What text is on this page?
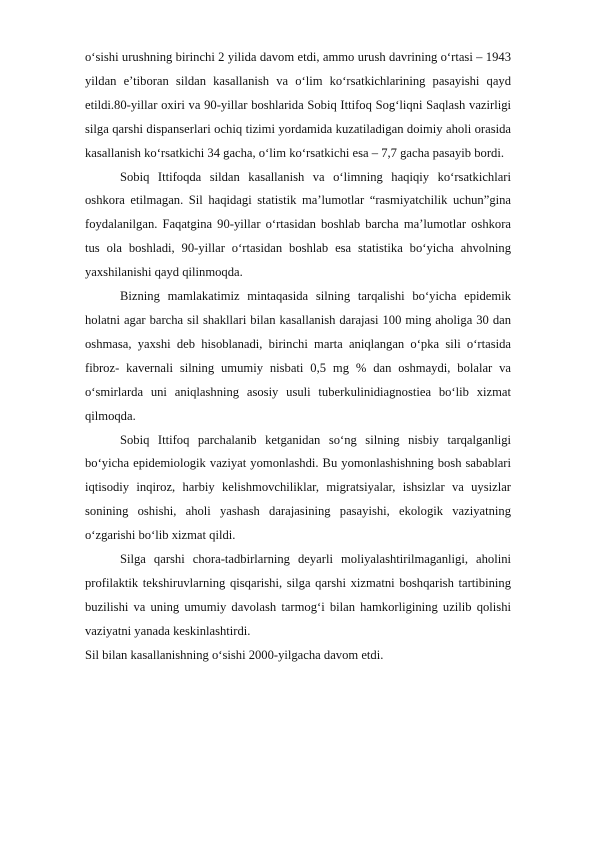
o‘sishi urushning birinchi 2 yilida davom etdi, ammo urush davrining o‘rtasi – 1943 yildan e’tiboran sildan kasallanish va o‘lim ko‘rsatkichlarining pasayishi qayd etildi.80-yillar oxiri va 90-yillar boshlarida Sobiq Ittifoq Sog‘liqni Saqlash vazirligi silga qarshi dispanserlari ochiq tizimi yordamida kuzatiladigan doimiy aholi orasida kasallanish ko‘rsatkichi 34 gacha, o‘lim ko‘rsatkichi esa – 7,7 gacha pasayib bordi.

Sobiq Ittifoqda sildan kasallanish va o‘limning haqiqiy ko‘rsatkichlari oshkora etilmagan. Sil haqidagi statistik ma’lumotlar “rasmiyatchilik uchun”gina foydalanilgan. Faqatgina 90-yillar o‘rtasidan boshlab barcha ma’lumotlar oshkora tus ola boshladi, 90-yillar o‘rtasidan boshlab esa statistika bo‘yicha ahvolning yaxshilanishi qayd qilinmoqda.

Bizning mamlakatimiz mintaqasida silning tarqalishi bo‘yicha epidemik holatni agar barcha sil shakllari bilan kasallanish darajasi 100 ming aholiga 30 dan oshmasa, yaxshi deb hisoblanadi, birinchi marta aniqlangan o‘pka sili o‘rtasida fibroz- kavernali silning umumiy nisbati 0,5 mg % dan oshmaydi, bolalar va o‘smirlarda uni aniqlashning asosiy usuli tuberkulinidiagnostiea bo‘lib xizmat qilmoqda.

Sobiq Ittifoq parchalanib ketganidan so‘ng silning nisbiy tarqalganligi bo‘yicha epidemiologik vaziyat yomonlashdi. Bu yomonlashishning bosh sabablari iqtisodiy inqiroz, harbiy kelishmovchiliklar, migratsiyalar, ishsizlar va uysizlar sonining oshishi, aholi yashash darajasining pasayishi, ekologik vaziyatning o‘zgarishi bo‘lib xizmat qildi.

Silga qarshi chora-tadbirlarning deyarli moliyalashtirilmaganligi, aholini profilaktik tekshiruvlarning qisqarishi, silga qarshi xizmatni boshqarish tartibining buzilishi va uning umumiy davolash tarmog‘i bilan hamkorligining uzilib qolishi vaziyatni yanada keskinlashtirdi.

Sil bilan kasallanishning o‘sishi 2000-yilgacha davom etdi.
